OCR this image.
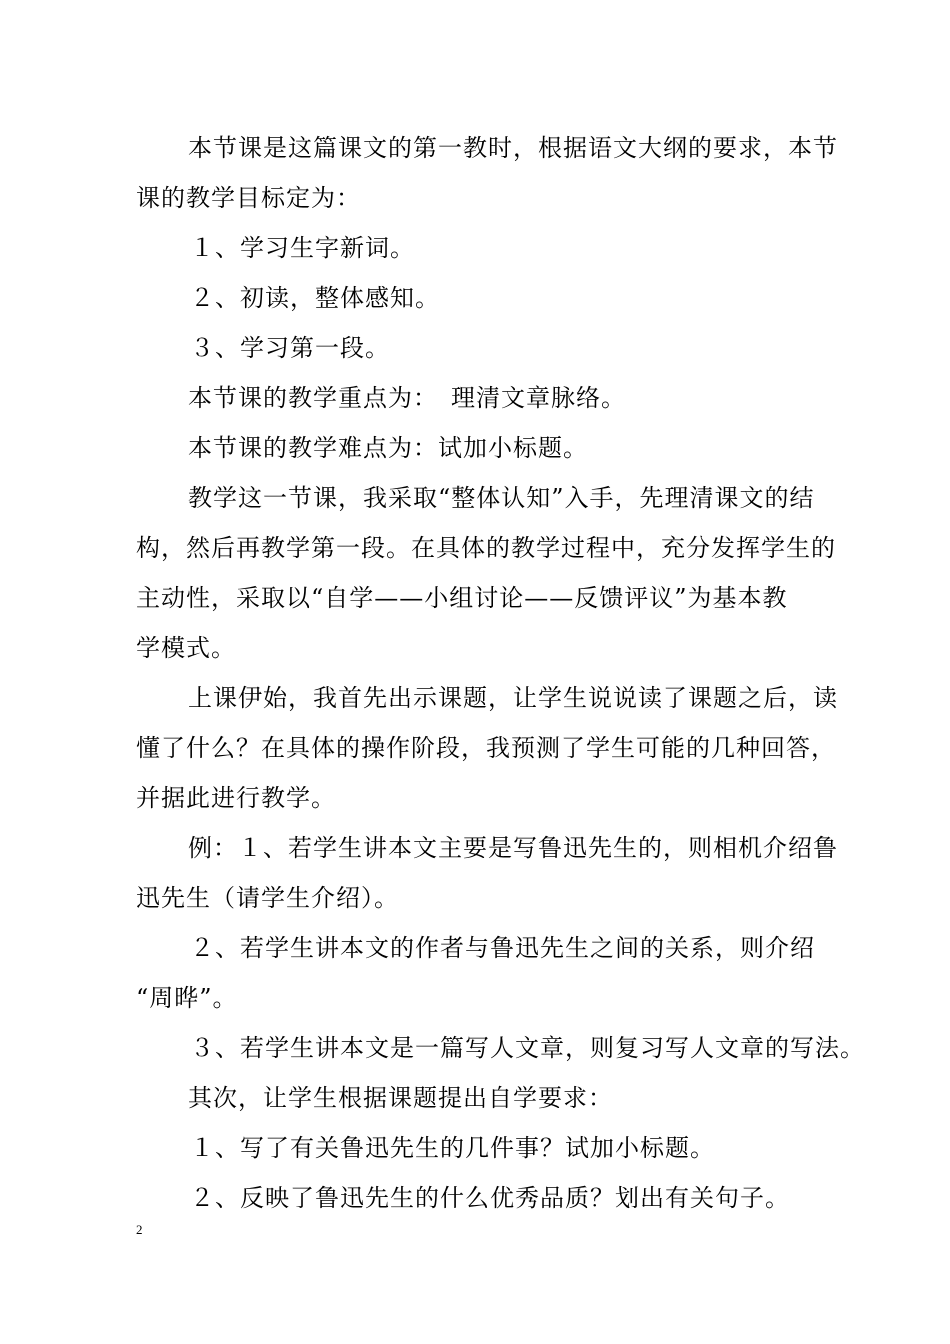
本节课是这篇课文的第一教时，根据语文大纲的要求，本节
课的教学目标定为：
１、学习生字新词。
２、初读，整体感知。
３、学习第一段。
本节课的教学重点为：　理清文章脉络。
本节课的教学难点为：试加小标题。
教学这一节课，我采取“整体认知”入手，先理清课文的结
构，然后再教学第一段。在具体的教学过程中，充分发挥学生的
主动性，采取以“自学——小组讨论——反馈评议”为基本教
学模式。
上课伊始，我首先出示课题，让学生说说读了课题之后，读
懂了什么？在具体的操作阶段，我预测了学生可能的几种回答，
并据此进行教学。
例：１、若学生讲本文主要是写鲁迅先生的，则相机介绍鲁
迅先生（请学生介绍）。
２、若学生讲本文的作者与鲁迅先生之间的关系，则介绍
“周晔”。
３、若学生讲本文是一篇写人文章，则复习写人文章的写法。
其次，让学生根据课题提出自学要求：
１、写了有关鲁迅先生的几件事？试加小标题。
２、反映了鲁迅先生的什么优秀品质？划出有关句子。
2
